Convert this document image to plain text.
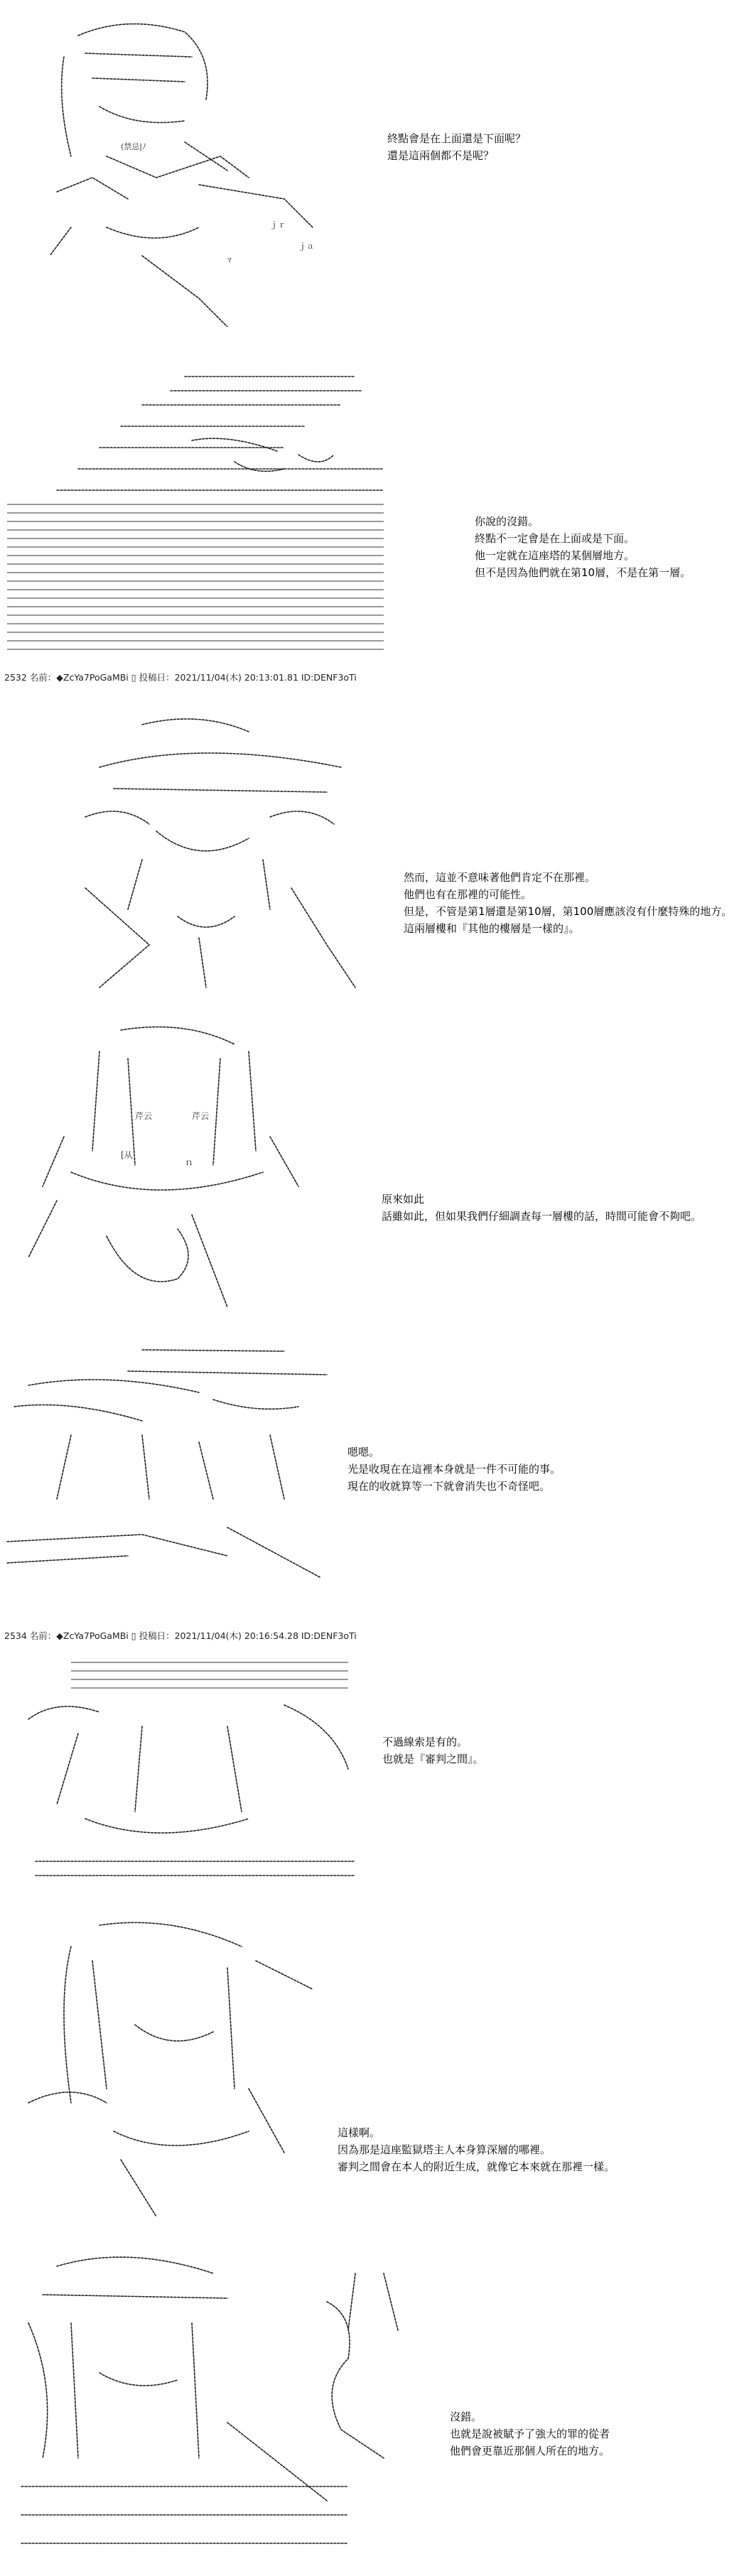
(禁忌|ﾉ
ｊｒ
ﾏ
ｊａ

終點會是在上面還是下面呢？

還是這兩個都不是呢？

你說的沒錯。

終點不一定會是在上面或是下面。

他一定就在這座塔的某個層地方。

但不是因為他們就在第10層，不是在第一層。

2532 名前：◆ZcYa7PoGaMBi ▯ 投稿日：2021/11/04(木) 20:13:01.81 ID:DENF3oTi

然而，這並不意味著他們肯定不在那裡。

他們也有在那裡的可能性。

但是，不管是第1層還是第10層，第100層應該沒有什麼特殊的地方。

這兩層樓和『其他的樓層是一樣的』。

芹云	芹云
[从
ｎ

原來如此

話雖如此，但如果我們仔細調查每一層樓的話，時間可能會不夠吧。

嗯嗯。

光是收現在在這裡本身就是一件不可能的事。

現在的收就算等一下就會消失也不奇怪吧。

2534 名前：◆ZcYa7PoGaMBi ▯ 投稿日：2021/11/04(木) 20:16:54.28 ID:DENF3oTi

不過線索是有的。

也就是『審判之間』。

這樣啊。

因為那是這座監獄塔主人本身算深層的哪裡。

審判之間會在本人的附近生成，就像它本來就在那裡一樣。

沒錯。

也就是說被賦予了強大的罪的從者

他們會更靠近那個人所在的地方。
